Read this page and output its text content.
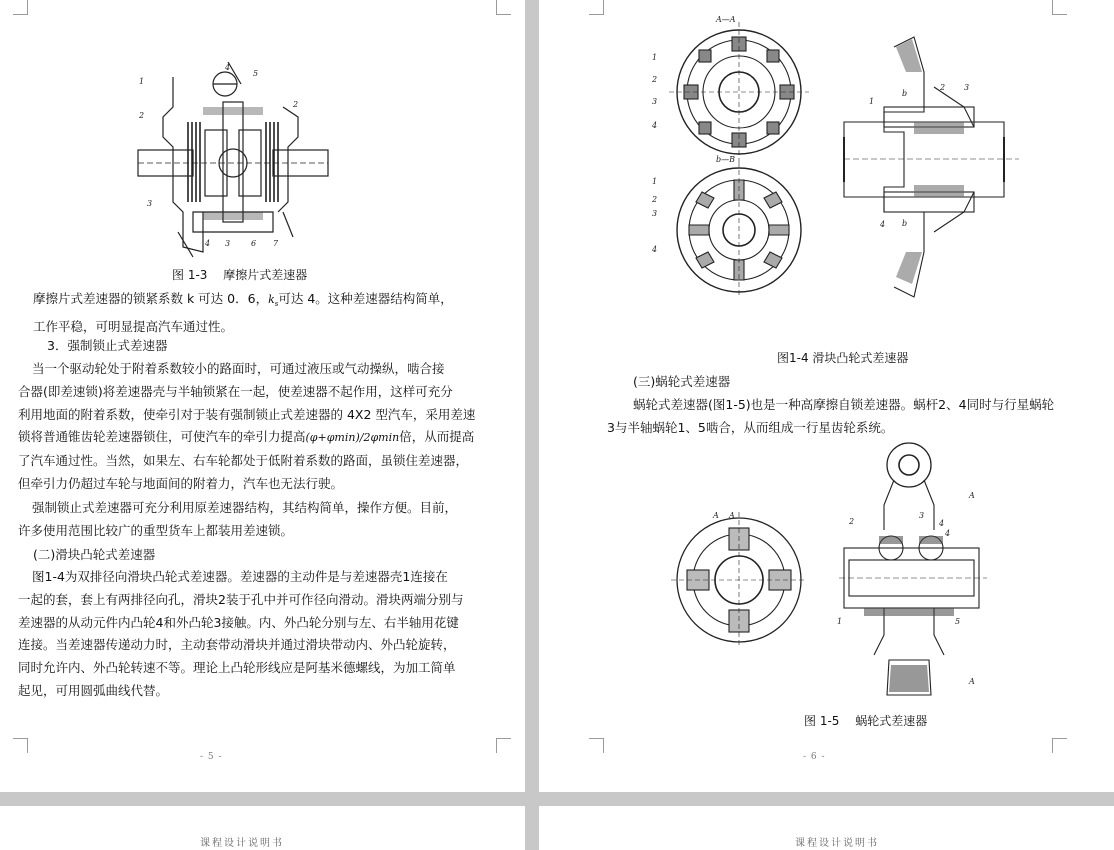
1
2
3
4
5
2
4 3	6 7
图 1-3　 摩擦片式差速器
摩擦片式差速器的锁紧系数 k 可达 0．6，$k_s$可达 4。这种差速器结构简单，
工作平稳，可明显提高汽车通过性。
3．强制锁止式差速器
当一个驱动轮处于附着系数较小的路面时，可通过液压或气动操纵，啮合接
合器(即差速锁)将差速器壳与半轴锁紧在一起，使差速器不起作用，这样可充分
利用地面的附着系数，使牵引对于装有强制锁止式差速器的 4X2 型汽车，采用差速
锁将普通锥齿轮差速器锁住，可使汽车的牵引力提高(φ+φmin)/2φmin倍，从而提高
了汽车通过性。当然，如果左、右车轮都处于低附着系数的路面，虽锁住差速器，
但牵引力仍超过车轮与地面间的附着力，汽车也无法行驶。
强制锁止式差速器可充分利用原差速器结构，其结构简单，操作方便。目前，
许多使用范围比较广的重型货车上都装用差速锁。
(二)滑块凸轮式差速器
图1-4为双排径向滑块凸轮式差速器。差速器的主动件是与差速器壳1连接在
一起的套，套上有两排径向孔，滑块2装于孔中并可作径向滑动。滑块两端分别与
差速器的从动元件内凸轮4和外凸轮3接触。内、外凸轮分别与左、右半轴用花键
连接。当差速器传递动力时，主动套带动滑块并通过滑块带动内、外凸轮旋转，
同时允许内、外凸轮转速不等。理论上凸轮形线应是阿基米德螺线，为加工简单
起见，可用圆弧曲线代替。
- 5 -
A—A
b—B
1
2
3
4
1
2
3
4
1
2 3
4
b
b
图1-4 滑块凸轮式差速器
(三)蜗轮式差速器
蜗轮式差速器(图1-5)也是一种高摩擦自锁差速器。蜗杆2、4同时与行星蜗轮
3与半轴蜗轮1、5啮合，从而组成一行星齿轮系统。
A A
A
A
2
3
4
4
1	5
图 1-5　 蜗轮式差速器
- 6 -
课程设计说明书	课程设计说明书
